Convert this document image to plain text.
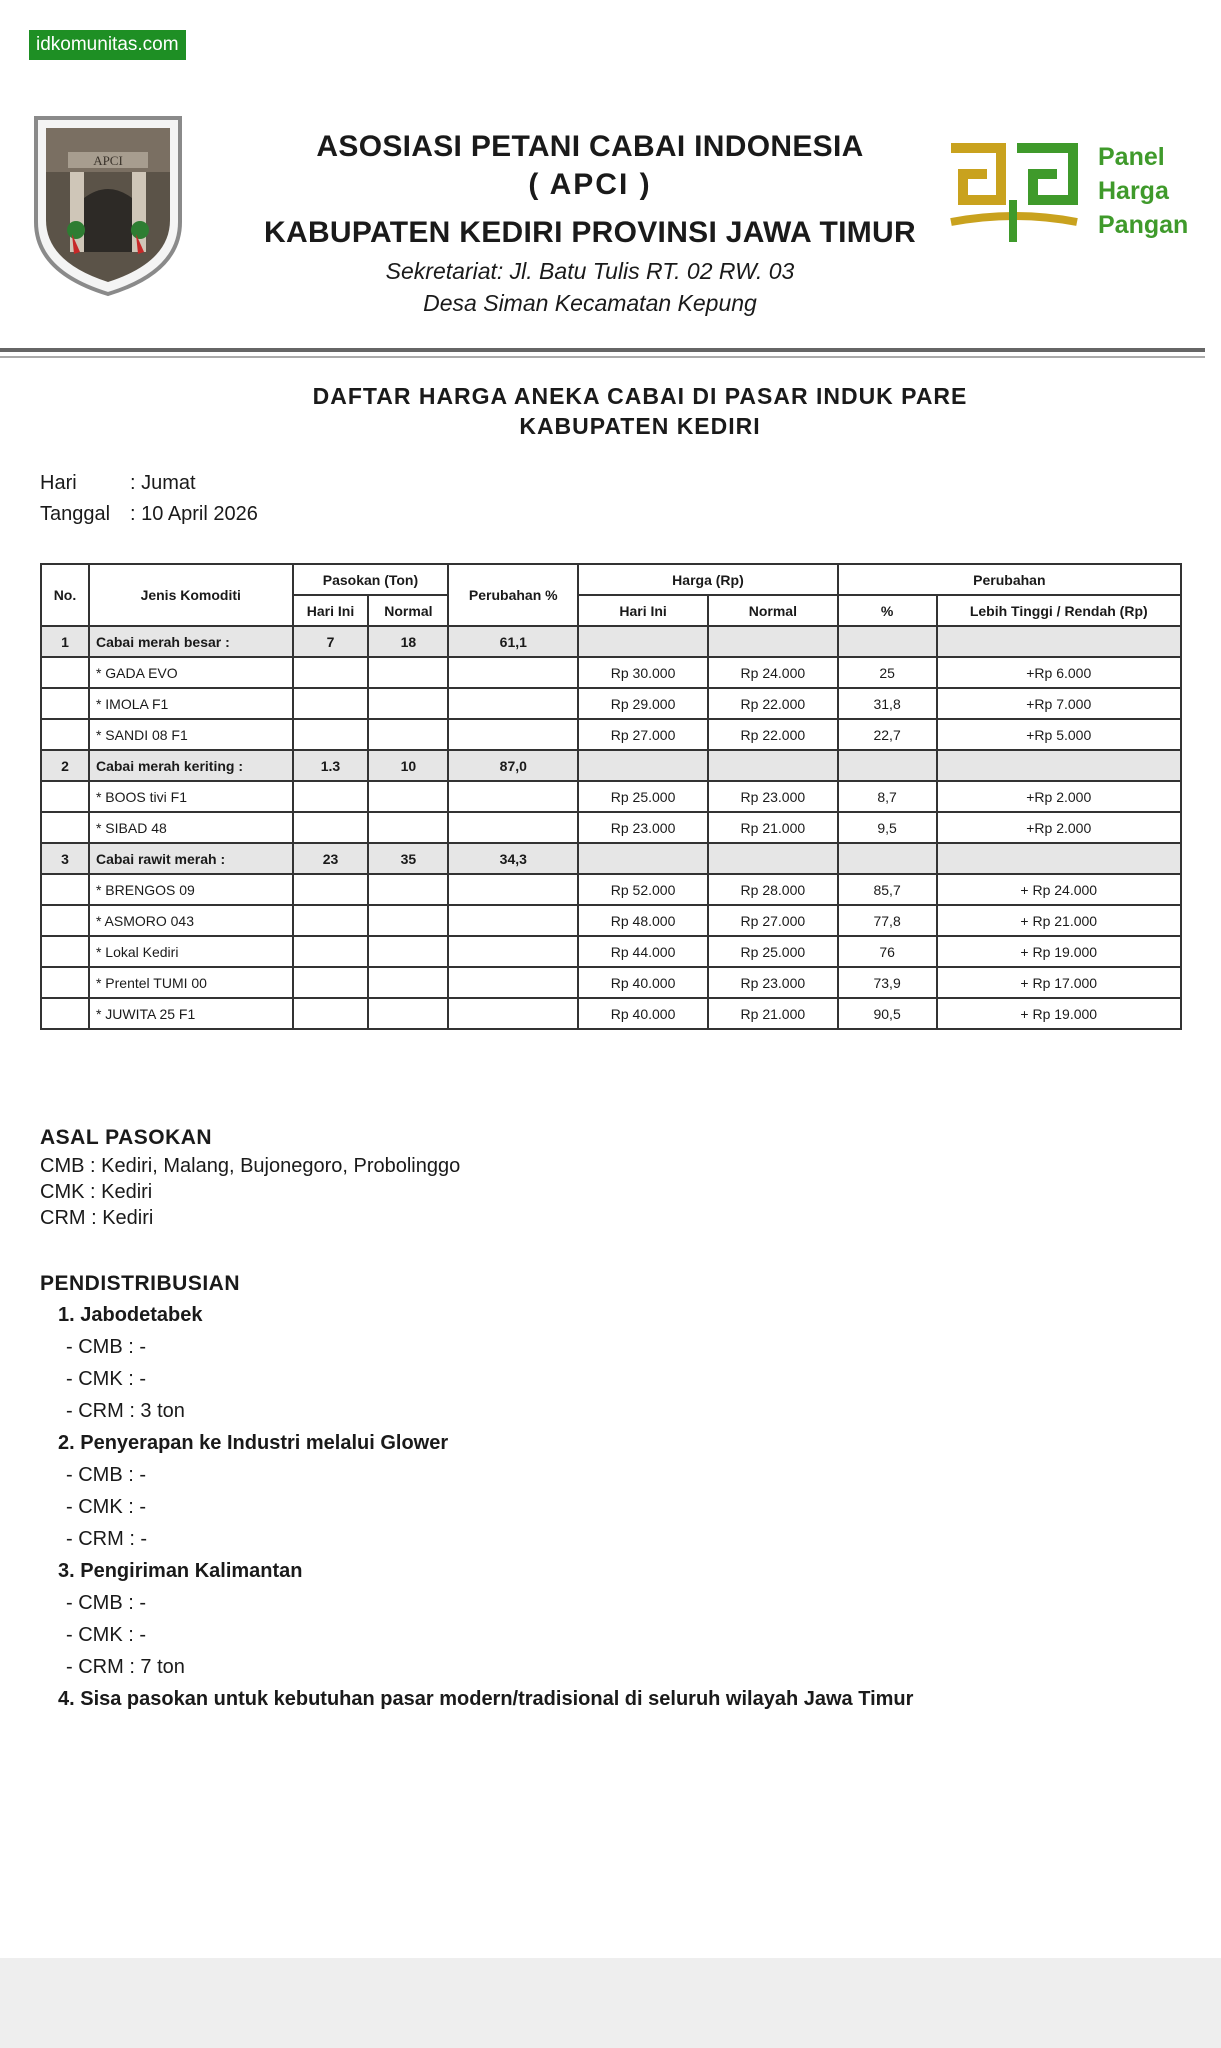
idkomunitas.com
APCI	ASOSIASI PETANI CABAI INDONESIA
( APCI )
KABUPATEN KEDIRI PROVINSI JAWA TIMUR
Sekretariat: Jl. Batu Tulis RT. 02 RW. 03
Desa Siman Kecamatan Kepung
Panel
Harga
Pangan
DAFTAR HARGA ANEKA CABAI DI PASAR INDUK PARE
KABUPATEN KEDIRI
Hari	: Jumat
Tanggal : 10 April 2026
No.	Jenis Komoditi	Pasokan (Ton)		Perubahan %	Harga (Rp)		Perubahan	
		Hari Ini	Normal		Hari Ini	Normal	%	Lebih Tinggi / Rendah (Rp)
1	Cabai merah besar :	7	18	61,1				
	* GADA EVO				Rp 30.000	Rp 24.000	25	+Rp 6.000
	* IMOLA F1				Rp 29.000	Rp 22.000	31,8	+Rp 7.000
	* SANDI 08 F1				Rp 27.000	Rp 22.000	22,7	+Rp 5.000
2	Cabai merah keriting :	1.3	10	87,0				
	* BOOS tivi F1				Rp 25.000	Rp 23.000	8,7	+Rp 2.000
	* SIBAD 48				Rp 23.000	Rp 21.000	9,5	+Rp 2.000
3	Cabai rawit merah :	23	35	34,3				
	* BRENGOS 09				Rp 52.000	Rp 28.000	85,7	+ Rp 24.000
	* ASMORO 043				Rp 48.000	Rp 27.000	77,8	+ Rp 21.000
	* Lokal Kediri				Rp 44.000	Rp 25.000	76	+ Rp 19.000
	* Prentel TUMI 00				Rp 40.000	Rp 23.000	73,9	+ Rp 17.000
	* JUWITA 25 F1				Rp 40.000	Rp 21.000	90,5	+ Rp 19.000
ASAL PASOKAN
CMB : Kediri, Malang, Bujonegoro, Probolinggo
CMK : Kediri
CRM : Kediri
PENDISTRIBUSIAN
1. Jabodetabek
- CMB : -
- CMK : -
- CRM : 3 ton
2. Penyerapan ke Industri melalui Glower
- CMB : -
- CMK : -
- CRM : -
3. Pengiriman Kalimantan
- CMB : -
- CMK : -
- CRM : 7 ton
4. Sisa pasokan untuk kebutuhan pasar modern/tradisional di seluruh wilayah Jawa Timur
